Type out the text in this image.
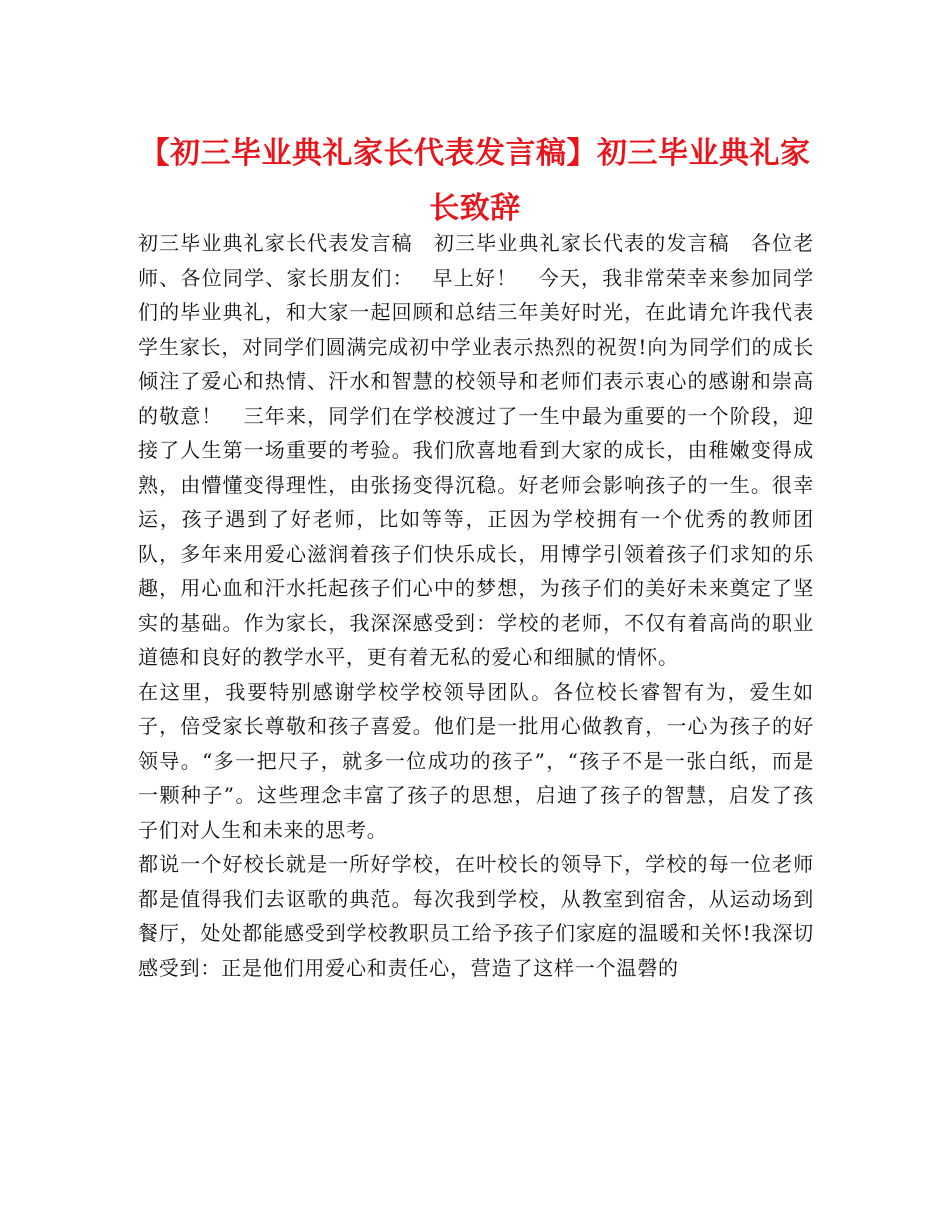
【初三毕业典礼家长代表发言稿】初三毕业典礼家长致辞

初三毕业典礼家长代表发言稿　初三毕业典礼家长代表的发言稿　各位老师、各位同学、家长朋友们：　 早上好！　今天，我非常荣幸来参加同学们的毕业典礼，和大家一起回顾和总结三年美好时光，在此请允许我代表学生家长，对同学们圆满完成初中学业表示热烈的祝贺!向为同学们的成长倾注了爱心和热情、汗水和智慧的校领导和老师们表示衷心的感谢和崇高的敬意！　三年来，同学们在学校渡过了一生中最为重要的一个阶段，迎接了人生第一场重要的考验。我们欣喜地看到大家的成长，由稚嫩变得成熟，由懵懂变得理性，由张扬变得沉稳。好老师会影响孩子的一生。很幸运，孩子遇到了好老师，比如等等，正因为学校拥有一个优秀的教师团队，多年来用爱心滋润着孩子们快乐成长，用博学引领着孩子们求知的乐趣，用心血和汗水托起孩子们心中的梦想，为孩子们的美好未来奠定了坚实的基础。作为家长，我深深感受到：学校的老师，不仅有着高尚的职业道德和良好的教学水平，更有着无私的爱心和细腻的情怀。

在这里，我要特别感谢学校学校领导团队。各位校长睿智有为，爱生如子，倍受家长尊敬和孩子喜爱。他们是一批用心做教育，一心为孩子的好领导。“多一把尺子，就多一位成功的孩子”，“孩子不是一张白纸，而是一颗种子”。这些理念丰富了孩子的思想，启迪了孩子的智慧，启发了孩子们对人生和未来的思考。

都说一个好校长就是一所好学校，在叶校长的领导下，学校的每一位老师都是值得我们去讴歌的典范。每次我到学校，从教室到宿舍，从运动场到餐厅，处处都能感受到学校教职员工给予孩子们家庭的温暖和关怀!我深切感受到：正是他们用爱心和责任心，营造了这样一个温磬的
